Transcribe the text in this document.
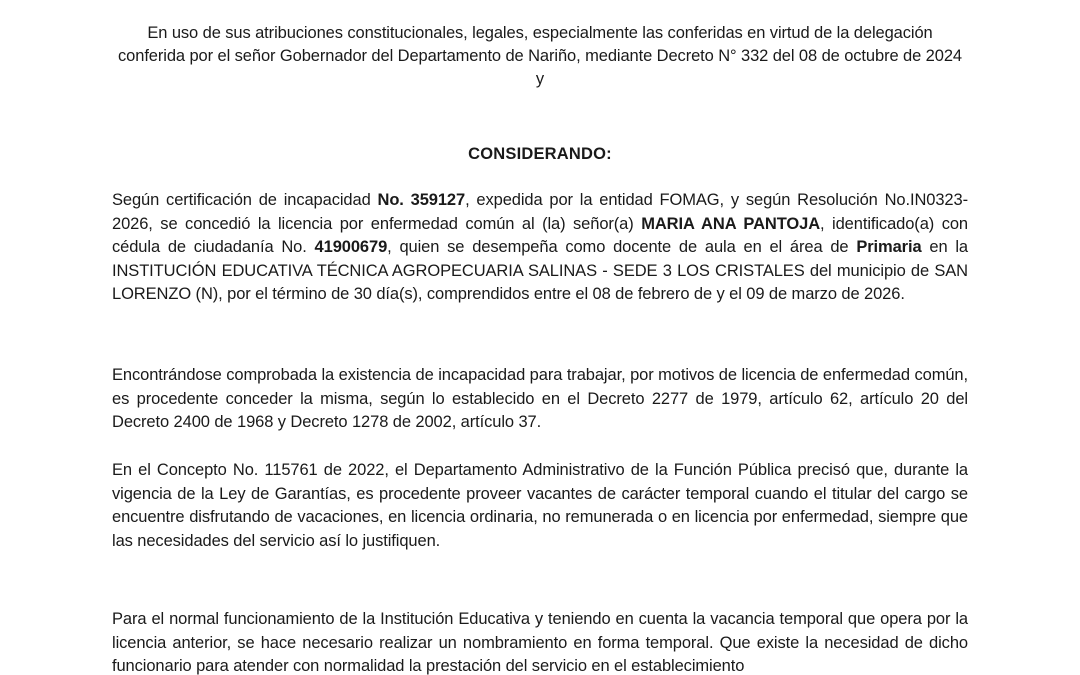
En uso de sus atribuciones constitucionales, legales, especialmente las conferidas en virtud de la delegación conferida por el señor Gobernador del Departamento de Nariño, mediante Decreto N° 332 del 08 de octubre de 2024 y
CONSIDERANDO:
Según certificación de incapacidad No. 359127, expedida por la entidad FOMAG, y según Resolución No.IN0323-2026, se concedió la licencia por enfermedad común al (la) señor(a) MARIA ANA PANTOJA, identificado(a) con cédula de ciudadanía No. 41900679, quien se desempeña como docente de aula en el área de Primaria en la INSTITUCIÓN EDUCATIVA TÉCNICA AGROPECUARIA SALINAS - SEDE 3 LOS CRISTALES del municipio de SAN LORENZO (N), por el término de 30 día(s), comprendidos entre el 08 de febrero de y el 09 de marzo de 2026.
Encontrándose comprobada la existencia de incapacidad para trabajar, por motivos de licencia de enfermedad común, es procedente conceder la misma, según lo establecido en el Decreto 2277 de 1979, artículo 62, artículo 20 del Decreto 2400 de 1968 y Decreto 1278 de 2002, artículo 37.
En el Concepto No. 115761 de 2022, el Departamento Administrativo de la Función Pública precisó que, durante la vigencia de la Ley de Garantías, es procedente proveer vacantes de carácter temporal cuando el titular del cargo se encuentre disfrutando de vacaciones, en licencia ordinaria, no remunerada o en licencia por enfermedad, siempre que las necesidades del servicio así lo justifiquen.
Para el normal funcionamiento de la Institución Educativa y teniendo en cuenta la vacancia temporal que opera por la licencia anterior, se hace necesario realizar un nombramiento en forma temporal. Que existe la necesidad de dicho funcionario para atender con normalidad la prestación del servicio en el establecimiento
